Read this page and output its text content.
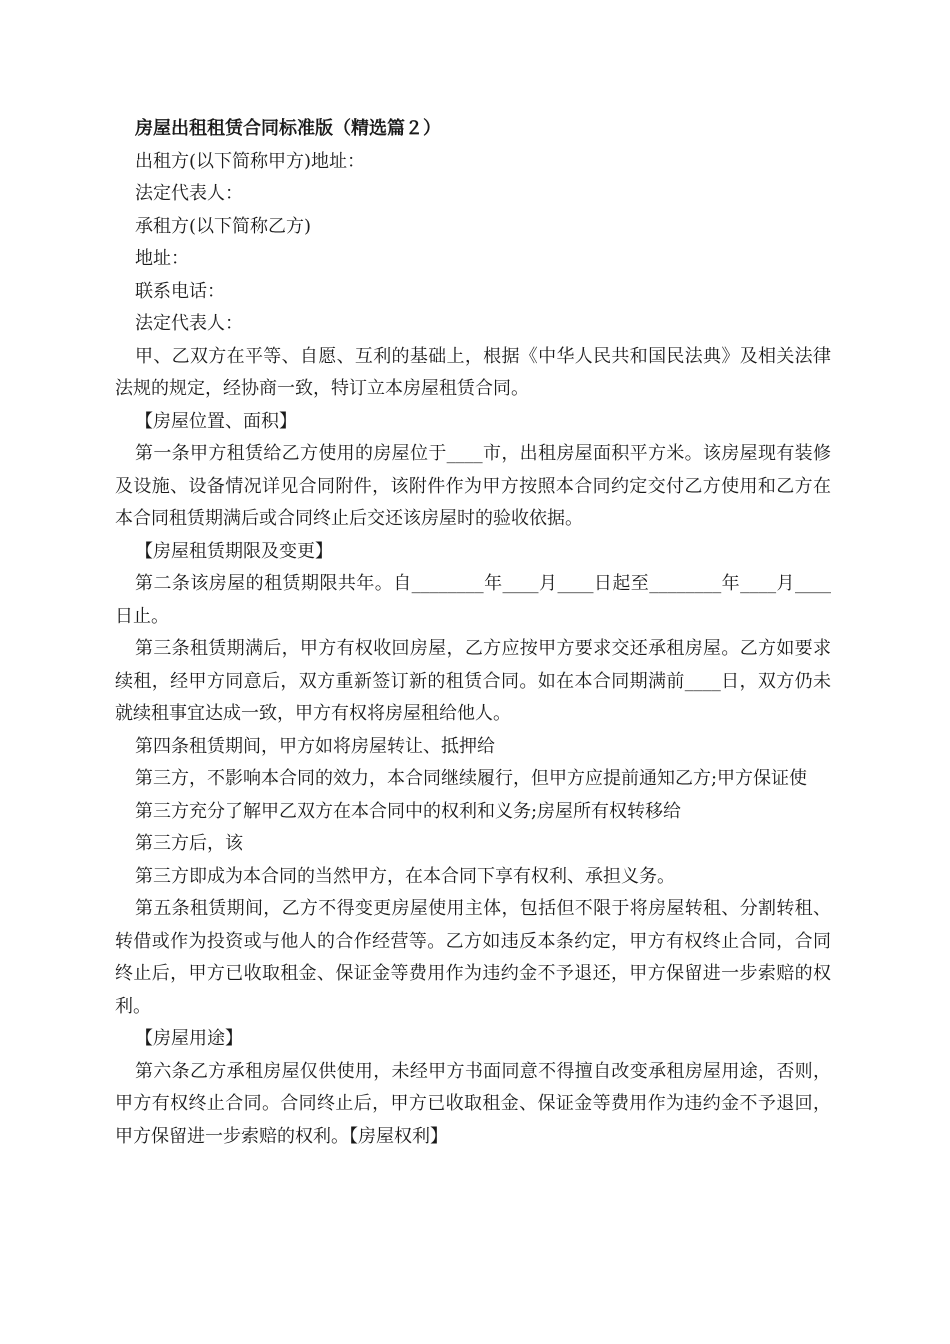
房屋出租租赁合同标准版（精选篇２）

出租方(以下简称甲方)地址：

法定代表人：

承租方(以下简称乙方)

地址：

联系电话：

法定代表人：

甲、乙双方在平等、自愿、互利的基础上，根据《中华人民共和国民法典》及相关法律法规的规定，经协商一致，特订立本房屋租赁合同。

【房屋位置、面积】

第一条甲方租赁给乙方使用的房屋位于____市，出租房屋面积平方米。该房屋现有装修及设施、设备情况详见合同附件，该附件作为甲方按照本合同约定交付乙方使用和乙方在本合同租赁期满后或合同终止后交还该房屋时的验收依据。

【房屋租赁期限及变更】

第二条该房屋的租赁期限共年。自________年____月____日起至________年____月____日止。

第三条租赁期满后，甲方有权收回房屋，乙方应按甲方要求交还承租房屋。乙方如要求续租，经甲方同意后，双方重新签订新的租赁合同。如在本合同期满前____日，双方仍未就续租事宜达成一致，甲方有权将房屋租给他人。

第四条租赁期间，甲方如将房屋转让、抵押给

第三方，不影响本合同的效力，本合同继续履行，但甲方应提前通知乙方;甲方保证使

第三方充分了解甲乙双方在本合同中的权利和义务;房屋所有权转移给

第三方后，该

第三方即成为本合同的当然甲方，在本合同下享有权利、承担义务。

第五条租赁期间，乙方不得变更房屋使用主体，包括但不限于将房屋转租、分割转租、转借或作为投资或与他人的合作经营等。乙方如违反本条约定，甲方有权终止合同，合同终止后，甲方已收取租金、保证金等费用作为违约金不予退还，甲方保留进一步索赔的权利。

【房屋用途】

第六条乙方承租房屋仅供使用，未经甲方书面同意不得擅自改变承租房屋用途，否则，甲方有权终止合同。合同终止后，甲方已收取租金、保证金等费用作为违约金不予退回，甲方保留进一步索赔的权利。【房屋权利】
